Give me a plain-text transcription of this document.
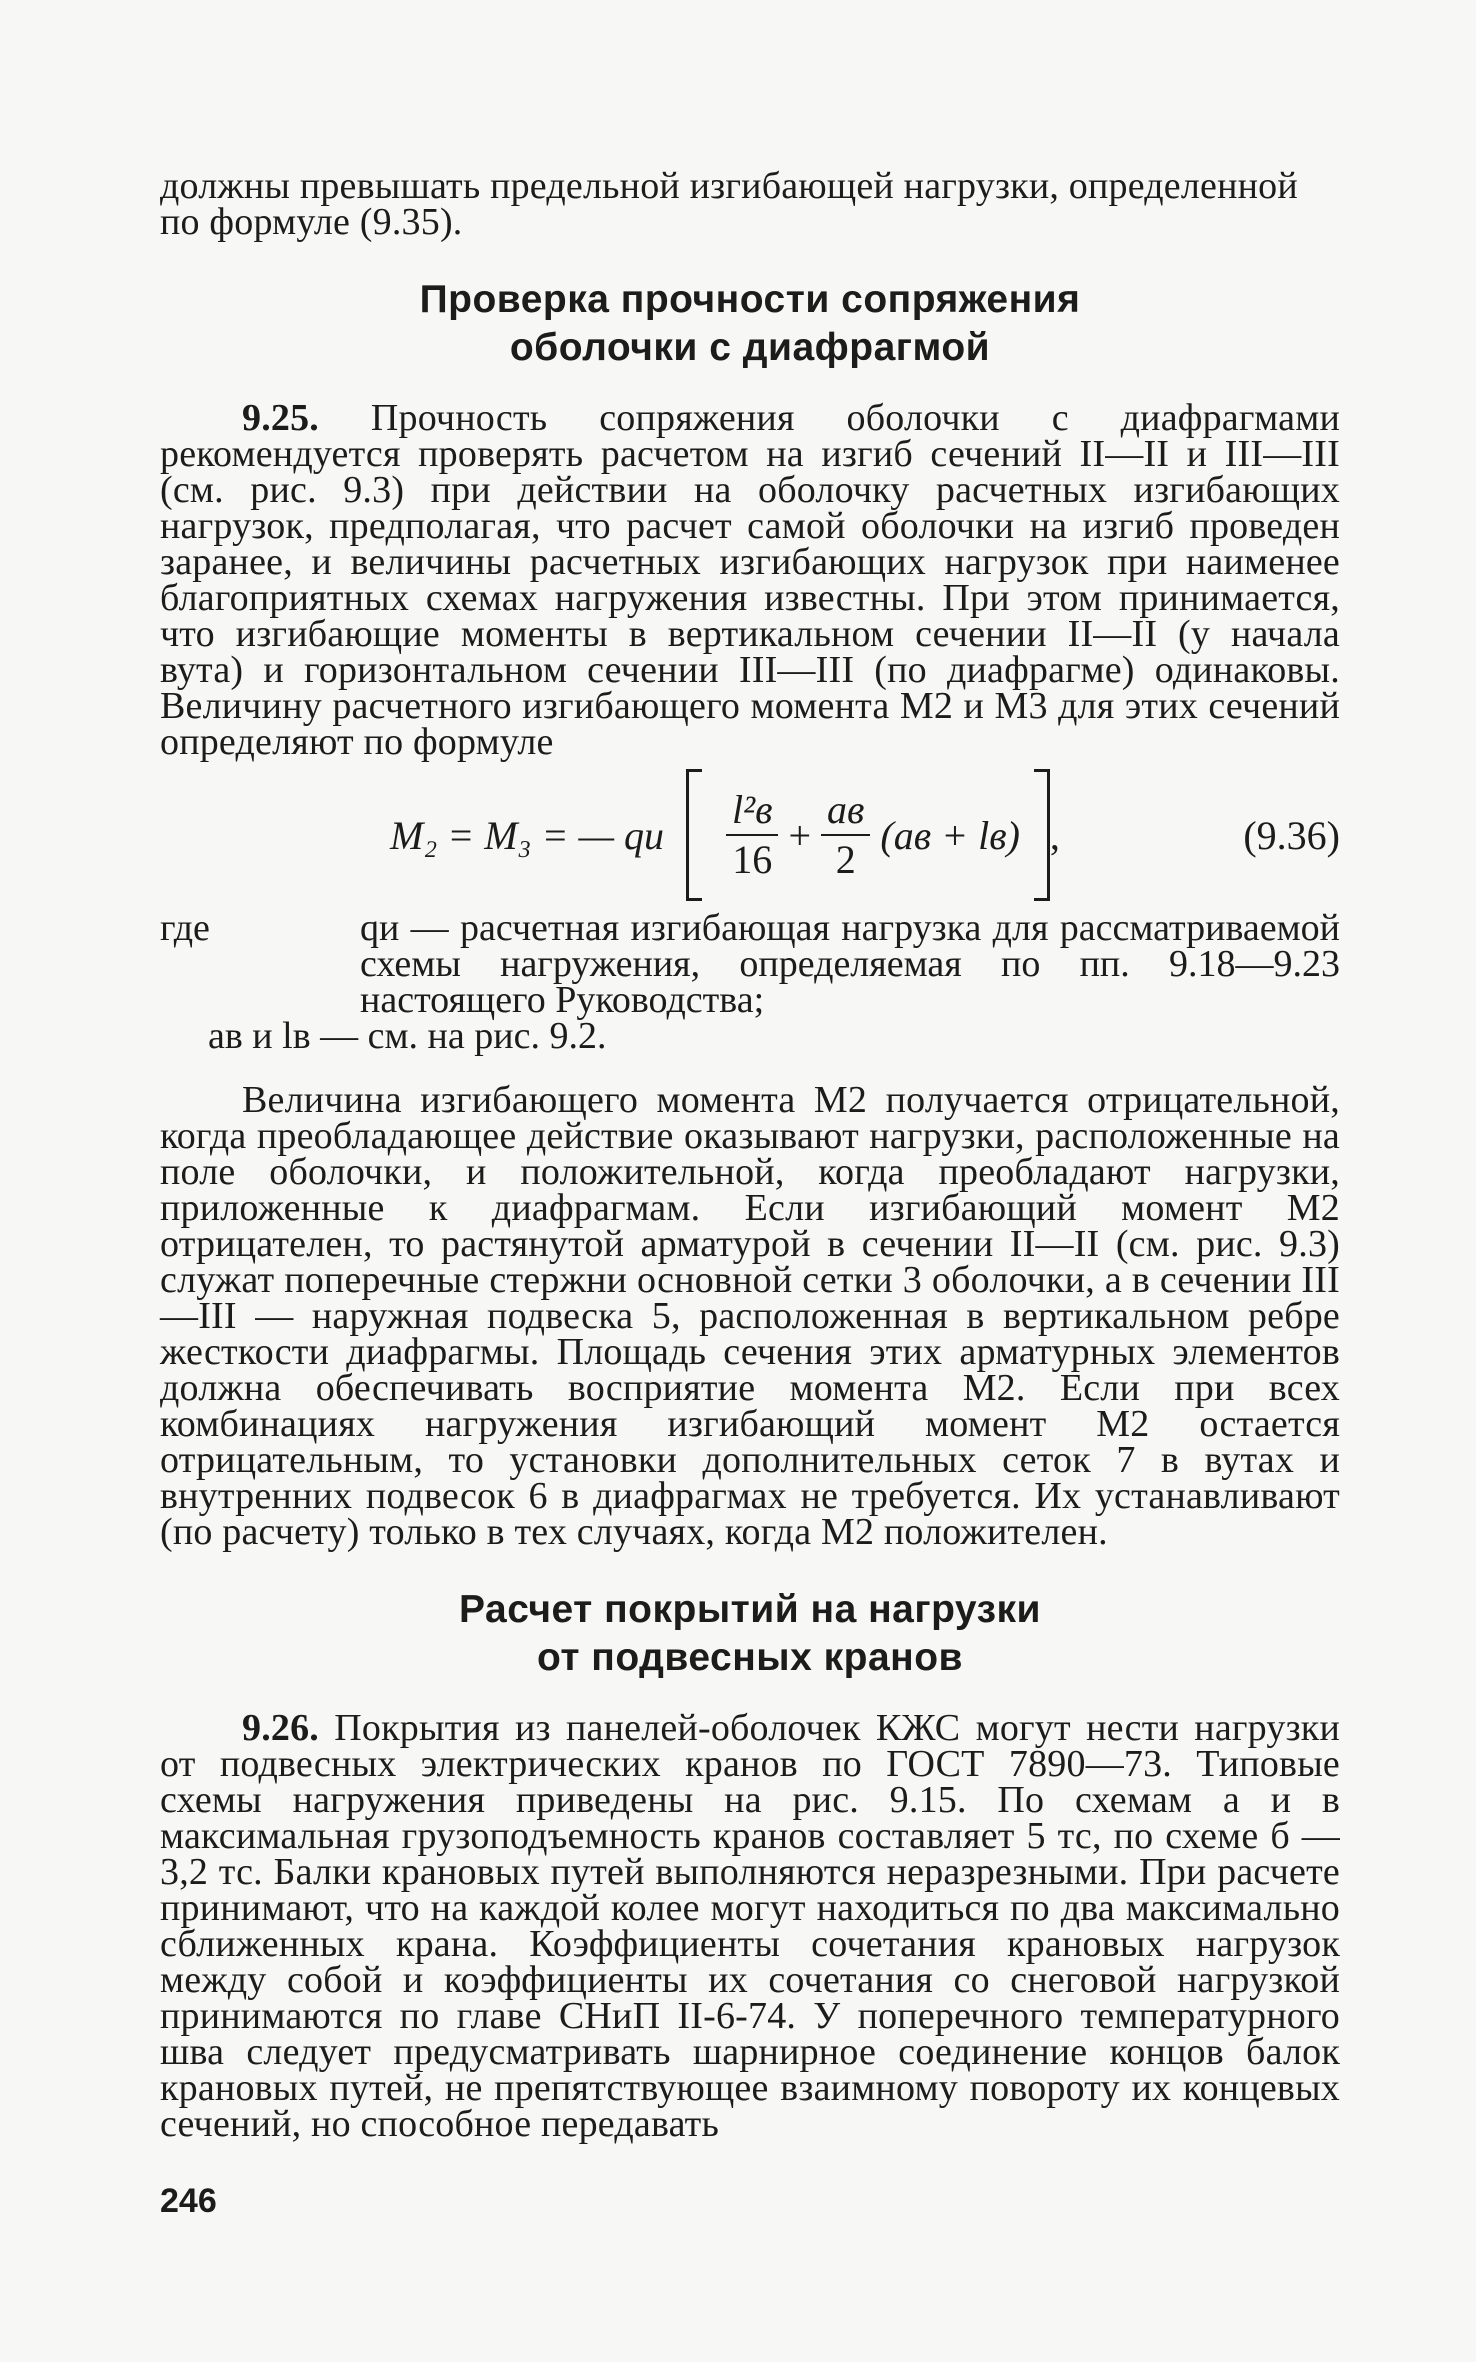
должны превышать предельной изгибающей нагрузки, определенной

по формуле (9.35).

Проверка прочности сопряжения
оболочки с диафрагмой

9.25. Прочность сопряжения оболочки с диафрагмами рекомендуется проверять расчетом на изгиб сечений II—II и III—III (см. рис. 9.3) при действии на оболочку расчетных изгибающих нагрузок, предполагая, что расчет самой оболочки на изгиб проведен заранее, и величины расчетных изгибающих нагрузок при наименее благоприятных схемах нагружения известны. При этом принимается, что изгибающие моменты в вертикальном сечении II—II (у начала вута) и горизонтальном сечении III—III (по диафрагме) одинаковы. Величину расчетного изгибающего момента M2 и M3 для этих сечений определяют по формуле

M₂ = M₃ = — qи $\frac{\text{l²в}}{16} + \frac{aв}{2} (aв + lв)$ ,	(9.36)
где	qи — расчетная изгибающая нагрузка для рассматриваемой схемы нагружения, определяемая по пп. 9.18—9.23 настоящего Руководства;
aв и lв — см. на рис. 9.2.

Величина изгибающего момента M2 получается отрицательной, когда преобладающее действие оказывают нагрузки, расположенные на поле оболочки, и положительной, когда преобладают нагрузки, приложенные к диафрагмам. Если изгибающий момент M2 отрицателен, то растянутой арматурой в сечении II—II (см. рис. 9.3) служат поперечные стержни основной сетки 3 оболочки, а в сечении III—III — наружная подвеска 5, расположенная в вертикальном ребре жесткости диафрагмы. Площадь сечения этих арматурных элементов должна обеспечивать восприятие момента M2. Если при всех комбинациях нагружения изгибающий момент M2 остается отрицательным, то установки дополнительных сеток 7 в вутах и внутренних подвесок 6 в диафрагмах не требуется. Их устанавливают (по расчету) только в тех случаях, когда M2 положителен.

Расчет покрытий на нагрузки
от подвесных кранов

9.26. Покрытия из панелей-оболочек КЖС могут нести нагрузки от подвесных электрических кранов по ГОСТ 7890—73. Типовые схемы нагружения приведены на рис. 9.15. По схемам а и в максимальная грузоподъемность кранов составляет 5 тс, по схеме б — 3,2 тс. Балки крановых путей выполняются неразрезными. При расчете принимают, что на каждой колее могут находиться по два максимально сближенных крана. Коэффициенты сочетания крановых нагрузок между собой и коэффициенты их сочетания со снеговой нагрузкой принимаются по главе СНиП II-6-74. У поперечного температурного шва следует предусматривать шарнирное соединение концов балок крановых путей, не препятствующее взаимному повороту их концевых сечений, но способное передавать

246
